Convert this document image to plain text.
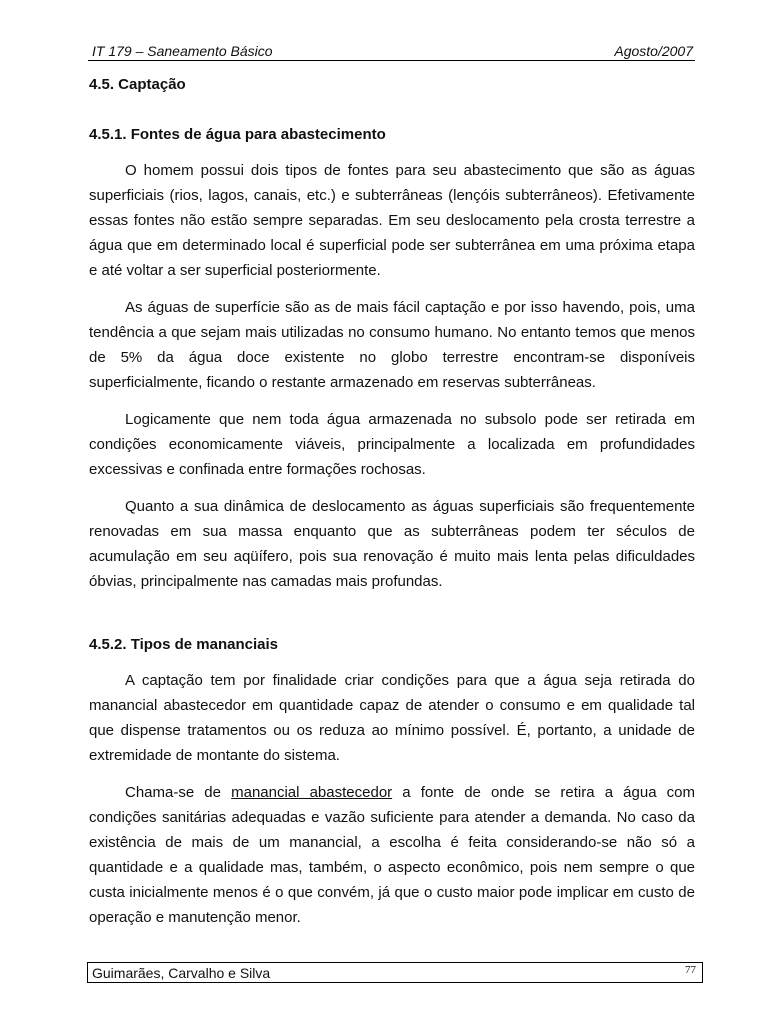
IT 179 – Saneamento Básico	Agosto/2007
4.5. Captação
4.5.1. Fontes de água para abastecimento

O homem possui dois tipos de fontes para seu abastecimento que são as águas superficiais (rios, lagos, canais, etc.) e subterrâneas (lençóis subterrâneos). Efetivamente essas fontes não estão sempre separadas. Em seu deslocamento pela crosta terrestre a água que em determinado local é superficial pode ser subterrânea em uma próxima etapa e até voltar a ser superficial posteriormente.

As águas de superfície são as de mais fácil captação e por isso havendo, pois, uma tendência a que sejam mais utilizadas no consumo humano. No entanto temos que menos de 5% da água doce existente no globo terrestre encontram-se disponíveis superficialmente, ficando o restante armazenado em reservas subterrâneas.

Logicamente que nem toda água armazenada no subsolo pode ser retirada em condições economicamente viáveis, principalmente a localizada em profundidades excessivas e confinada entre formações rochosas.

Quanto a sua dinâmica de deslocamento as águas superficiais são frequentemente renovadas em sua massa enquanto que as subterrâneas podem ter séculos de acumulação em seu aqüífero, pois sua renovação é muito mais lenta pelas dificuldades óbvias, principalmente nas camadas mais profundas.

4.5.2. Tipos de mananciais

A captação tem por finalidade criar condições para que a água seja retirada do manancial abastecedor em quantidade capaz de atender o consumo e em qualidade tal que dispense tratamentos ou os reduza ao mínimo possível. É, portanto, a unidade de extremidade de montante do sistema.

Chama-se de manancial abastecedor a fonte de onde se retira a água com condições sanitárias adequadas e vazão suficiente para atender a demanda. No caso da existência de mais de um manancial, a escolha é feita considerando-se não só a quantidade e a qualidade mas, também, o aspecto econômico, pois nem sempre o que custa inicialmente menos é o que convém, já que o custo maior pode implicar em custo de operação e manutenção menor.

Guimarães, Carvalho e Silva	77
